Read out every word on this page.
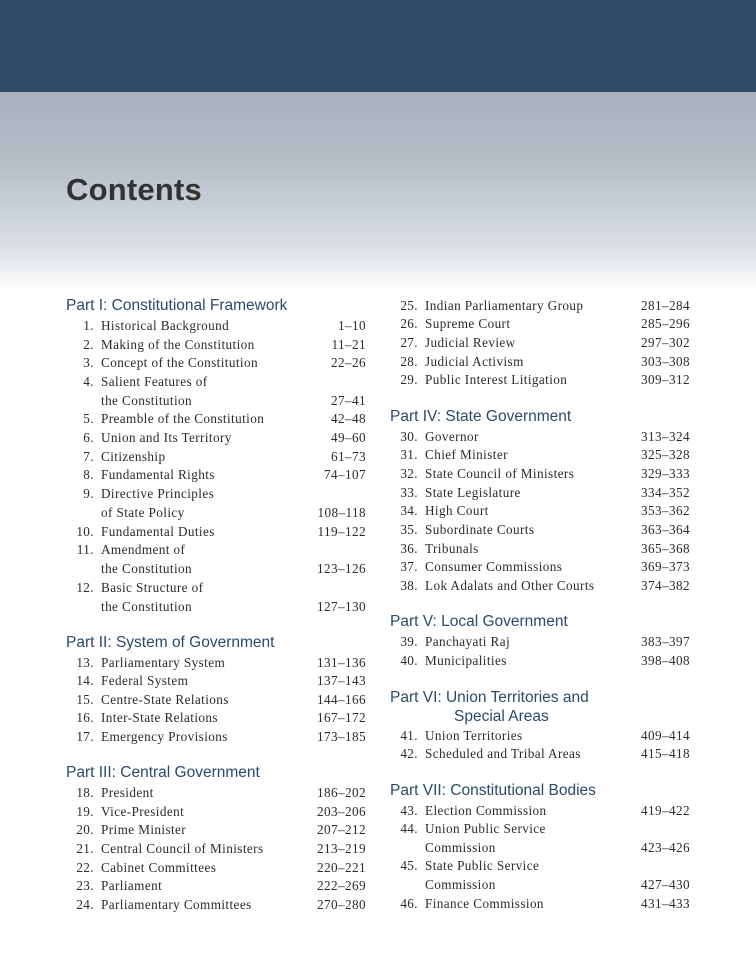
Contents
Part I: Constitutional Framework
1. Historical Background	1–10
2. Making of the Constitution	11–21
3. Concept of the Constitution	22–26
4. Salient Features of
the Constitution	27–41
5. Preamble of the Constitution	42–48
6. Union and Its Territory	49–60
7. Citizenship	61–73
8. Fundamental Rights	74–107
9. Directive Principles
of State Policy	108–118
10. Fundamental Duties	119–122
11. Amendment of
the Constitution	123–126
12. Basic Structure of
the Constitution	127–130
Part II: System of Government
13. Parliamentary System	131–136
14. Federal System	137–143
15. Centre-State Relations	144–166
16. Inter-State Relations	167–172
17. Emergency Provisions	173–185
Part III: Central Government
18. President	186–202
19. Vice-President	203–206
20. Prime Minister	207–212
21. Central Council of Ministers	213–219
22. Cabinet Committees	220–221
23. Parliament	222–269
24. Parliamentary Committees	270–280
25. Indian Parliamentary Group	281–284
26. Supreme Court	285–296
27. Judicial Review	297–302
28. Judicial Activism	303–308
29. Public Interest Litigation	309–312
Part IV: State Government
30. Governor	313–324
31. Chief Minister	325–328
32. State Council of Ministers	329–333
33. State Legislature	334–352
34. High Court	353–362
35. Subordinate Courts	363–364
36. Tribunals	365–368
37. Consumer Commissions	369–373
38. Lok Adalats and Other Courts	374–382
Part V: Local Government
39. Panchayati Raj	383–397
40. Municipalities	398–408
Part VI: Union Territories and
Special Areas
41. Union Territories	409–414
42. Scheduled and Tribal Areas	415–418
Part VII: Constitutional Bodies
43. Election Commission	419–422
44. Union Public Service
Commission	423–426
45. State Public Service
Commission	427–430
46. Finance Commission	431–433
